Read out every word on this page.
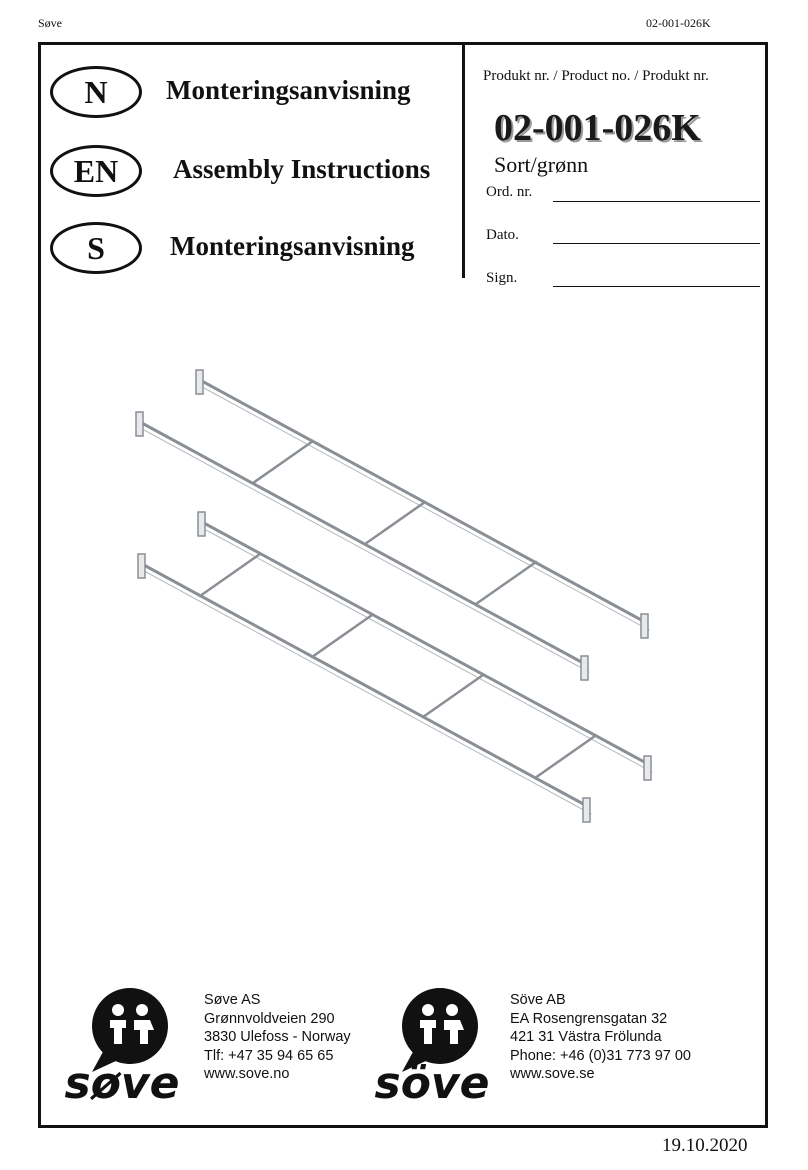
Søve	02-001-026K
N	Monteringsanvisning
EN	Assembly Instructions
S	Monteringsanvisning
Produkt nr. / Product no. / Produkt nr.
02-001-026K
Sort/grønn
Ord. nr.
Dato.
Sign.
søve
Søve AS
Grønnvoldveien 290
3830 Ulefoss - Norway
Tlf: +47 35 94 65 65
www.sove.no	söve
Söve AB
EA Rosengrensgatan 32
421 31 Västra Frölunda
Phone: +46 (0)31 773 97 00
www.sove.se
19.10.2020
